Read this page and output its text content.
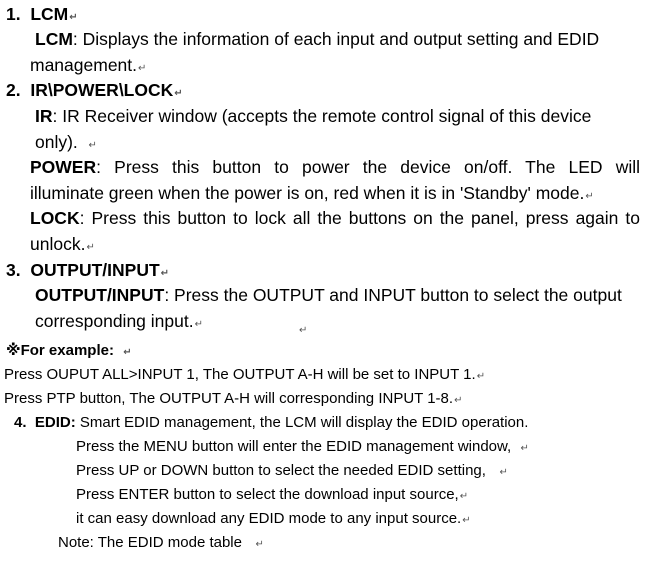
1. LCM↵
LCM: Displays the information of each input and output setting and EDID
management.↵
2. IR\POWER\LOCK↵
IR: IR Receiver window (accepts the remote control signal of this device
only). ↵
POWER: Press this button to power the device on/off. The LED will
illuminate green when the power is on, red when it is in 'Standby' mode.↵
LOCK: Press this button to lock all the buttons on the panel, press again to
unlock.↵
3. OUTPUT/INPUT↵
OUTPUT/INPUT: Press the OUTPUT and INPUT button to select the output
corresponding input.↵
↵
※For example: ↵
Press OUPUT ALL>INPUT 1, The OUTPUT A-H will be set to INPUT 1.↵
Press PTP button, The OUTPUT A-H will corresponding INPUT 1-8.↵
4. EDID: Smart EDID management, the LCM will display the EDID operation.
Press the MENU button will enter the EDID management window, ↵
Press UP or DOWN button to select the needed EDID setting, ↵
Press ENTER button to select the download input source,↵
it can easy download any EDID mode to any input source.↵
Note: The EDID mode table ↵
